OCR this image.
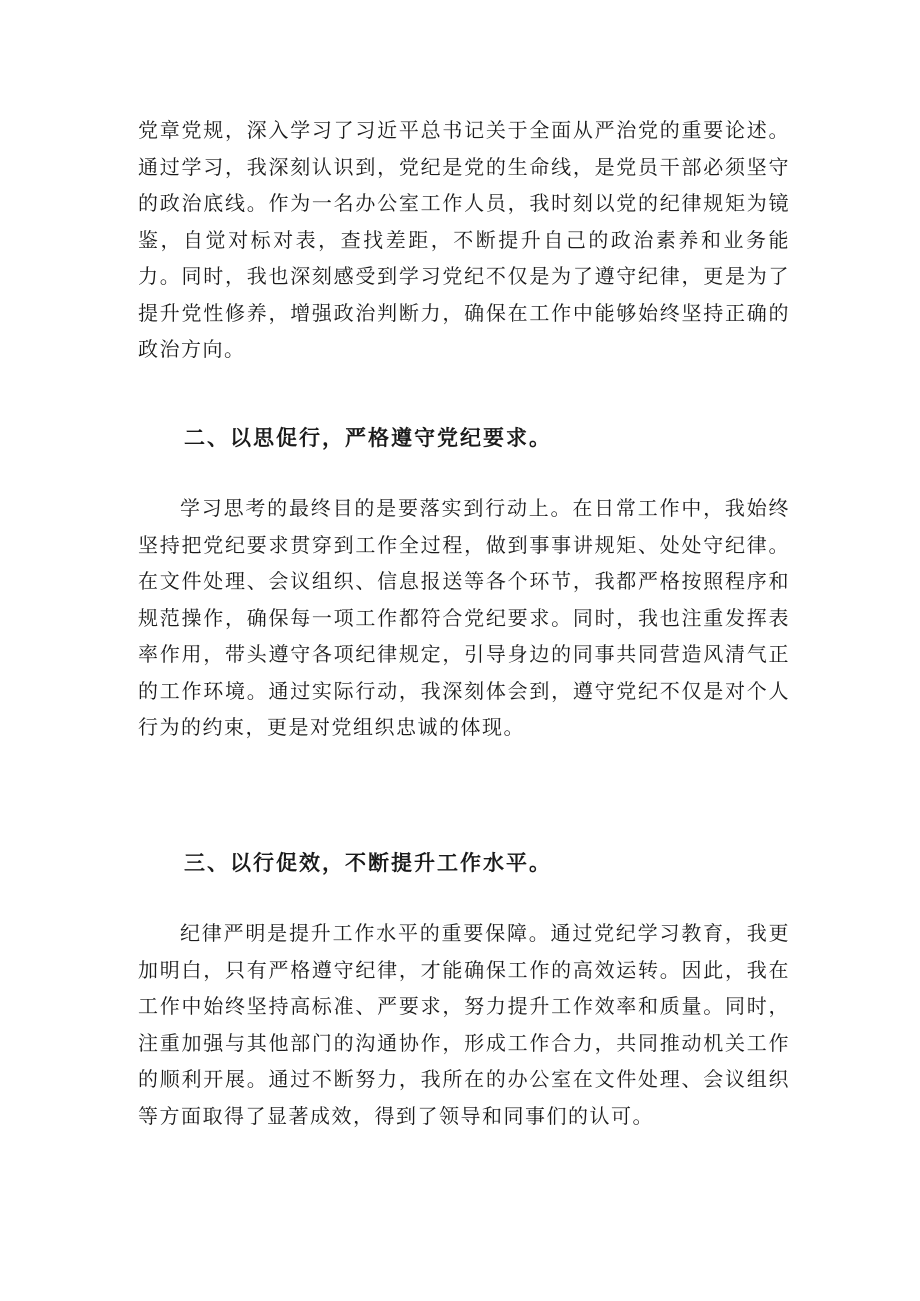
党章党规，深入学习了习近平总书记关于全面从严治党的重要论述。通过学习，我深刻认识到，党纪是党的生命线，是党员干部必须坚守的政治底线。作为一名办公室工作人员，我时刻以党的纪律规矩为镜鉴，自觉对标对表，查找差距，不断提升自己的政治素养和业务能力。同时，我也深刻感受到学习党纪不仅是为了遵守纪律，更是为了提升党性修养，增强政治判断力，确保在工作中能够始终坚持正确的政治方向。

二、以思促行，严格遵守党纪要求。

学习思考的最终目的是要落实到行动上。在日常工作中，我始终坚持把党纪要求贯穿到工作全过程，做到事事讲规矩、处处守纪律。在文件处理、会议组织、信息报送等各个环节，我都严格按照程序和规范操作，确保每一项工作都符合党纪要求。同时，我也注重发挥表率作用，带头遵守各项纪律规定，引导身边的同事共同营造风清气正的工作环境。通过实际行动，我深刻体会到，遵守党纪不仅是对个人行为的约束，更是对党组织忠诚的体现。

三、以行促效，不断提升工作水平。

纪律严明是提升工作水平的重要保障。通过党纪学习教育，我更加明白，只有严格遵守纪律，才能确保工作的高效运转。因此，我在工作中始终坚持高标准、严要求，努力提升工作效率和质量。同时，注重加强与其他部门的沟通协作，形成工作合力，共同推动机关工作的顺利开展。通过不断努力，我所在的办公室在文件处理、会议组织等方面取得了显著成效，得到了领导和同事们的认可。
